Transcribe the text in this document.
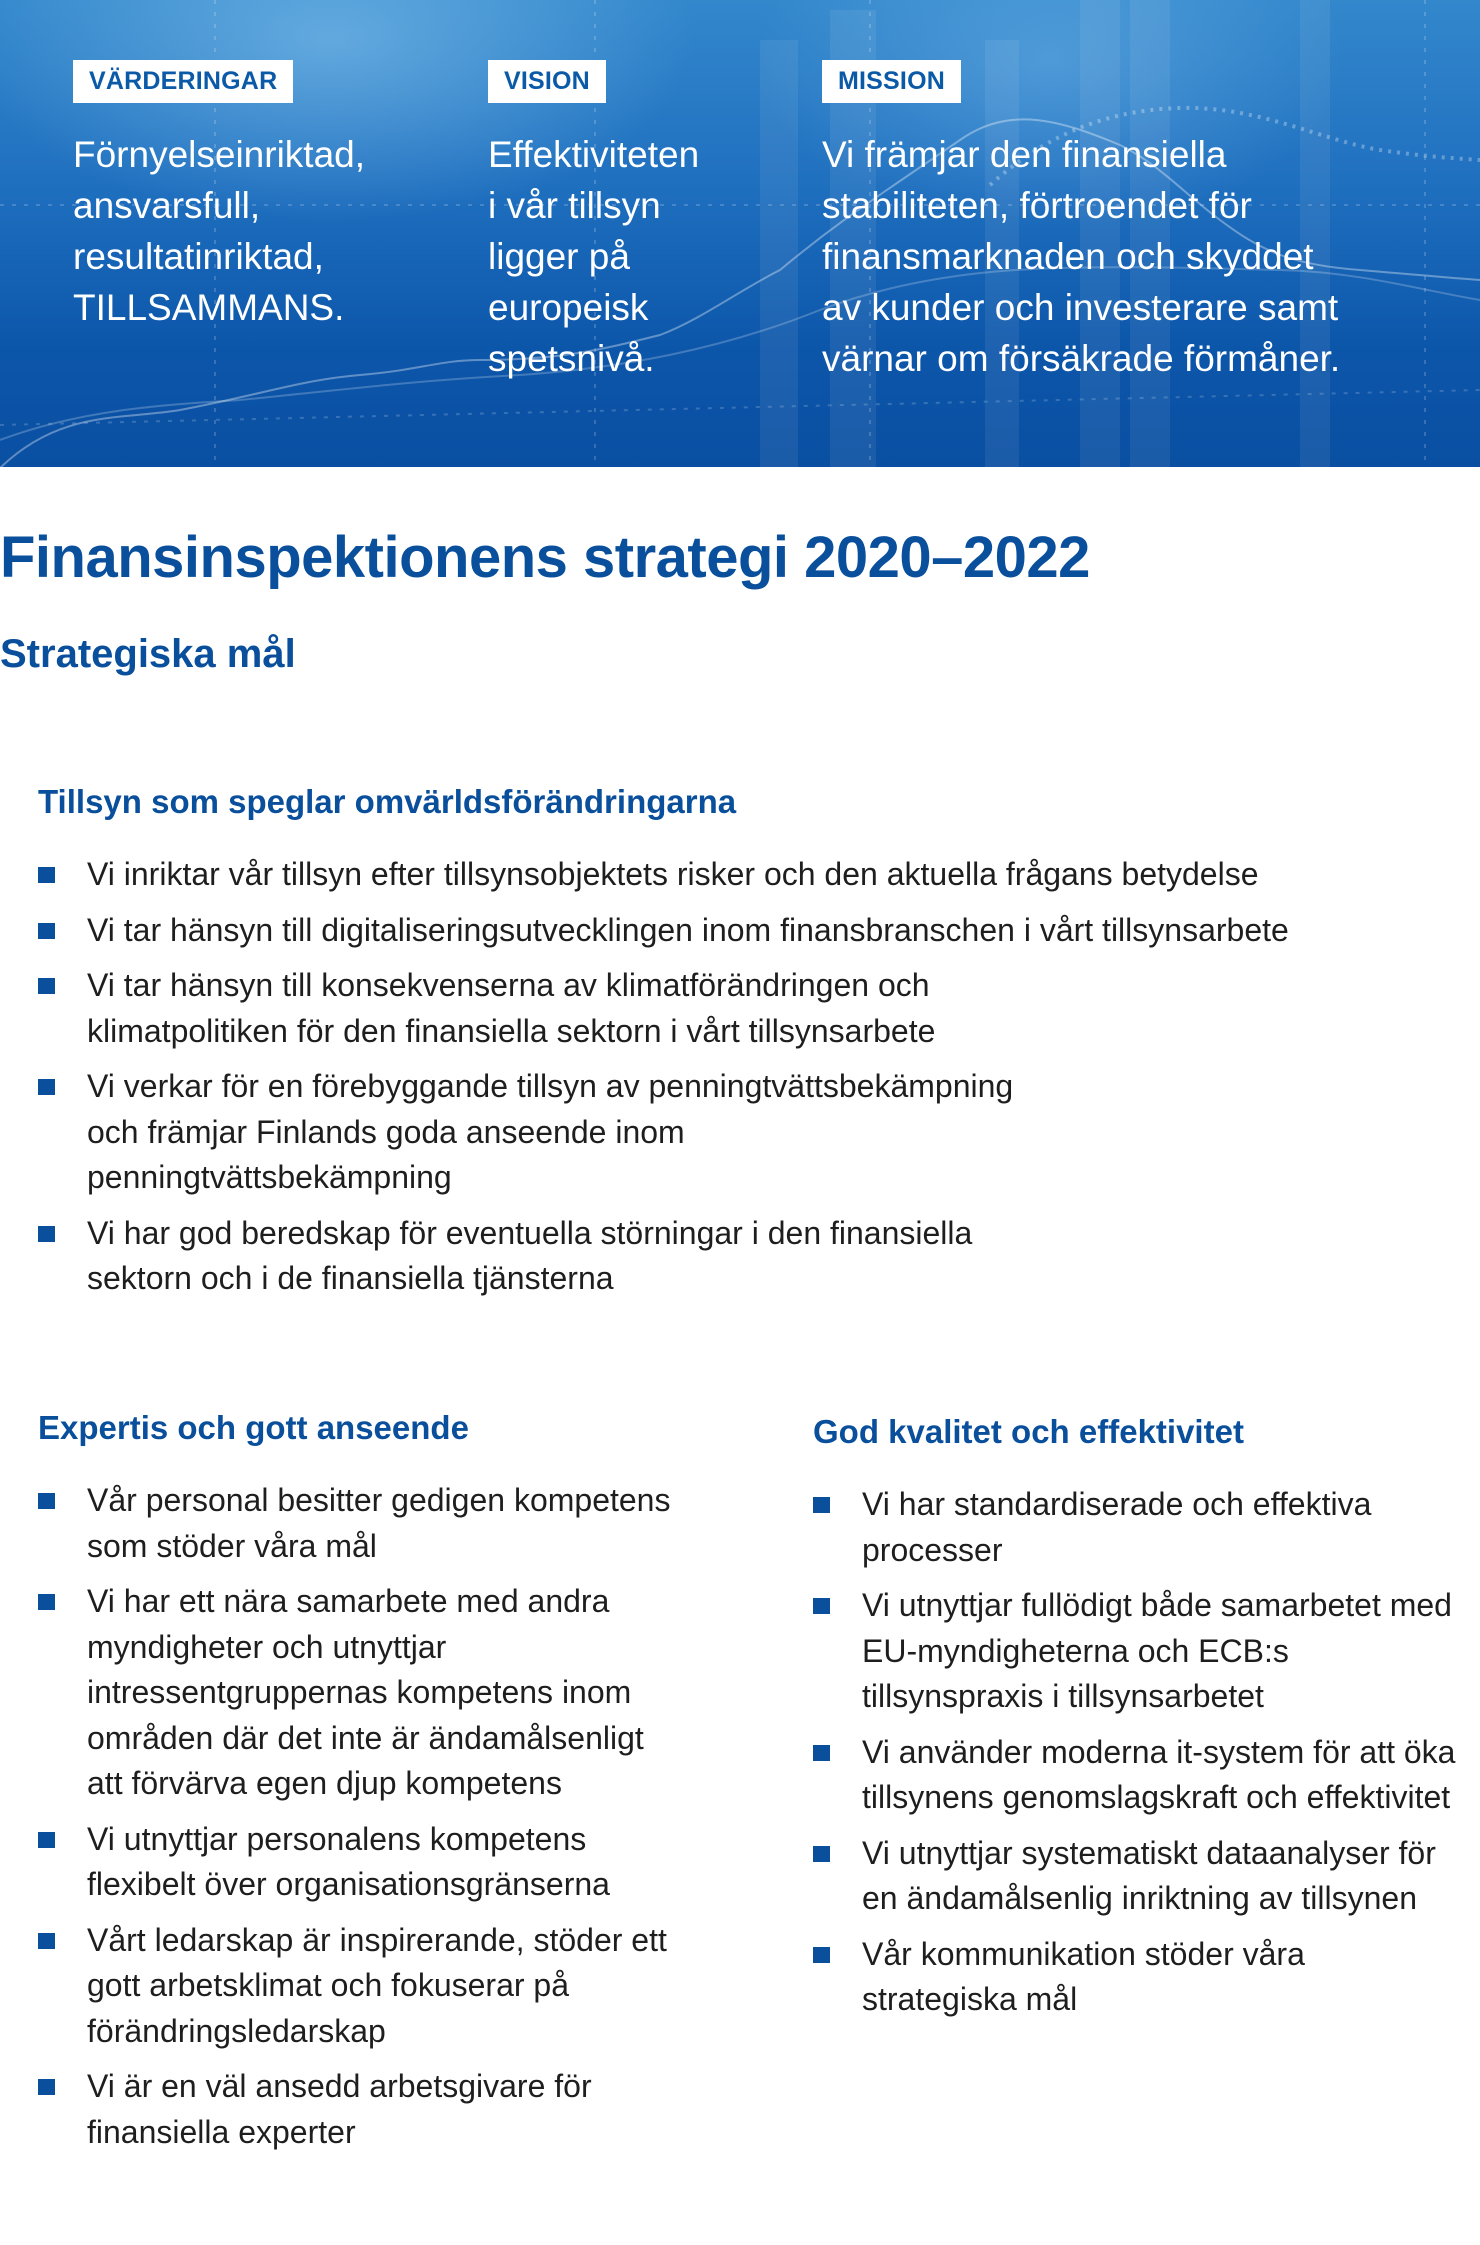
VÄRDERINGAR
Förnyelseinriktad,
ansvarsfull,
resultatinriktad,
TILLSAMMANS.
VISION
Effektiviteten
i vår tillsyn
ligger på
europeisk
spetsnivå.
MISSION
Vi främjar den finansiella
stabiliteten, förtroendet för
finansmarknaden och skyddet
av kunder och investerare samt
värnar om försäkrade förmåner.
Finansinspektionens strategi 2020–2022
Strategiska mål
Tillsyn som speglar omvärldsförändringarna
Vi inriktar vår tillsyn efter tillsynsobjektets risker och den aktuella frågans betydelse
Vi tar hänsyn till digitaliseringsutvecklingen inom finansbranschen i vårt tillsynsarbete
Vi tar hänsyn till konsekvenserna av klimatförändringen och klimatpolitiken för den finansiella sektorn i vårt tillsynsarbete
Vi verkar för en förebyggande tillsyn av penningtvättsbekämpning och främjar Finlands goda anseende inom penningtvättsbekämpning
Vi har god beredskap för eventuella störningar i den finansiella sektorn och i de finansiella tjänsterna
Expertis och gott anseende
Vår personal besitter gedigen kompetens som stöder våra mål
Vi har ett nära samarbete med andra myndigheter och utnyttjar intressentgruppernas kompetens inom områden där det inte är ändamålsenligt att förvärva egen djup kompetens
Vi utnyttjar personalens kompetens flexibelt över organisationsgränserna
Vårt ledarskap är inspirerande, stöder ett gott arbetsklimat och fokuserar på förändringsledarskap
Vi är en väl ansedd arbetsgivare för finansiella experter
God kvalitet och effektivitet
Vi har standardiserade och effektiva processer
Vi utnyttjar fullödigt både samarbetet med EU-myndigheterna och ECB:s tillsynspraxis i tillsynsarbetet
Vi använder moderna it-system för att öka tillsynens genomslagskraft och effektivitet
Vi utnyttjar systematiskt dataanalyser för en ändamålsenlig inriktning av tillsynen
Vår kommunikation stöder våra strategiska mål
